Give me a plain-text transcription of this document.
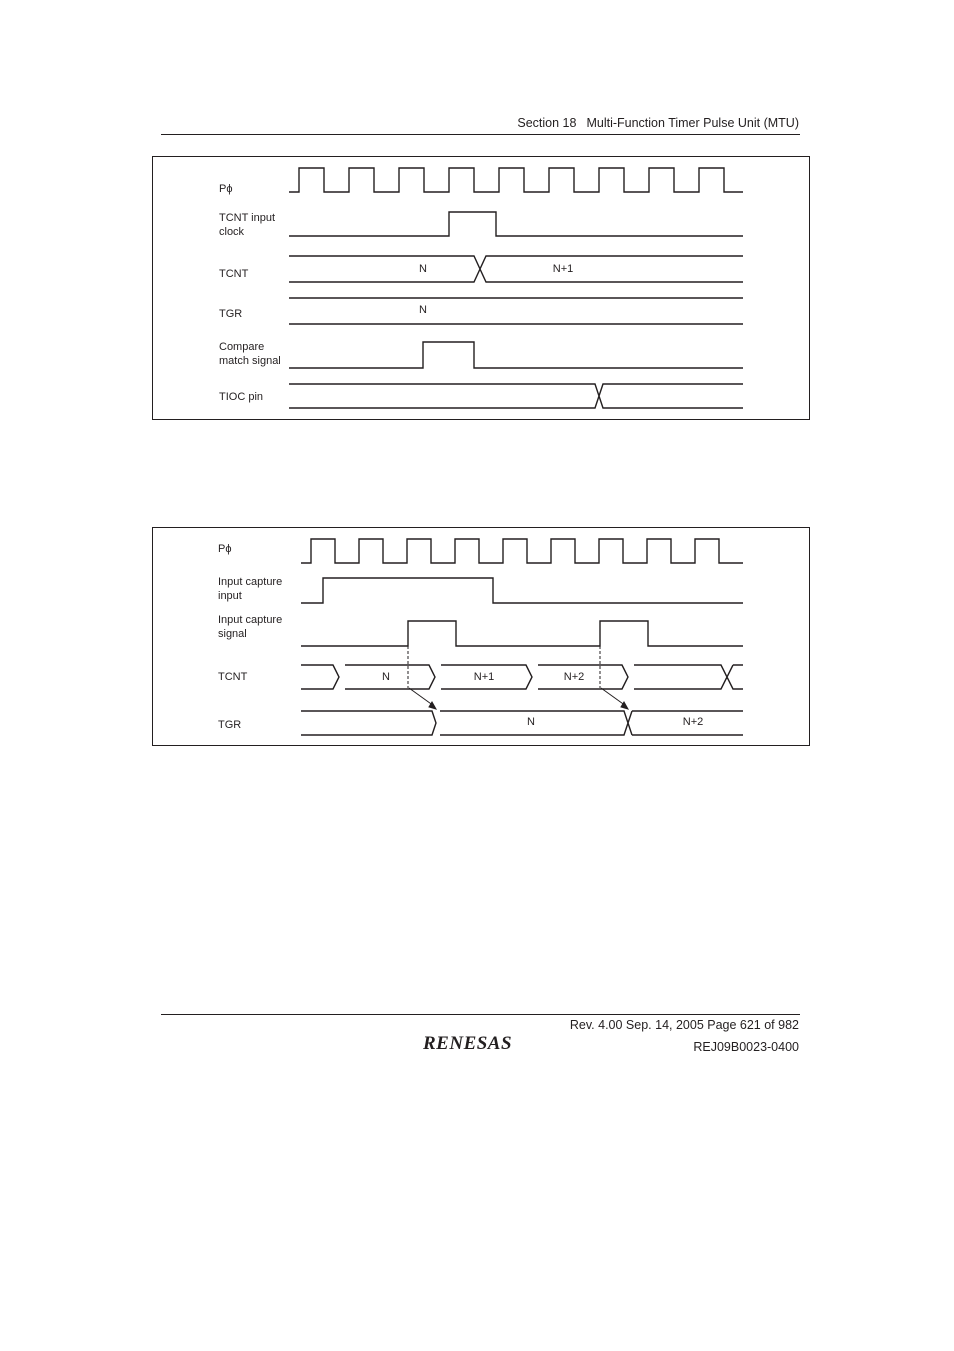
Section 18 Multi-Function Timer Pulse Unit (MTU)
Pϕ
TCNT input
clock
TCNT
TGR
Compare
match signal
TIOC pin
N	N+1
N
Pϕ
Input capture
input
Input capture
signal
TCNT
TGR
N	N+1	N+2
N	N+2
Rev. 4.00 Sep. 14, 2005 Page 621 of 982
REJ09B0023-0400
RENESAS
